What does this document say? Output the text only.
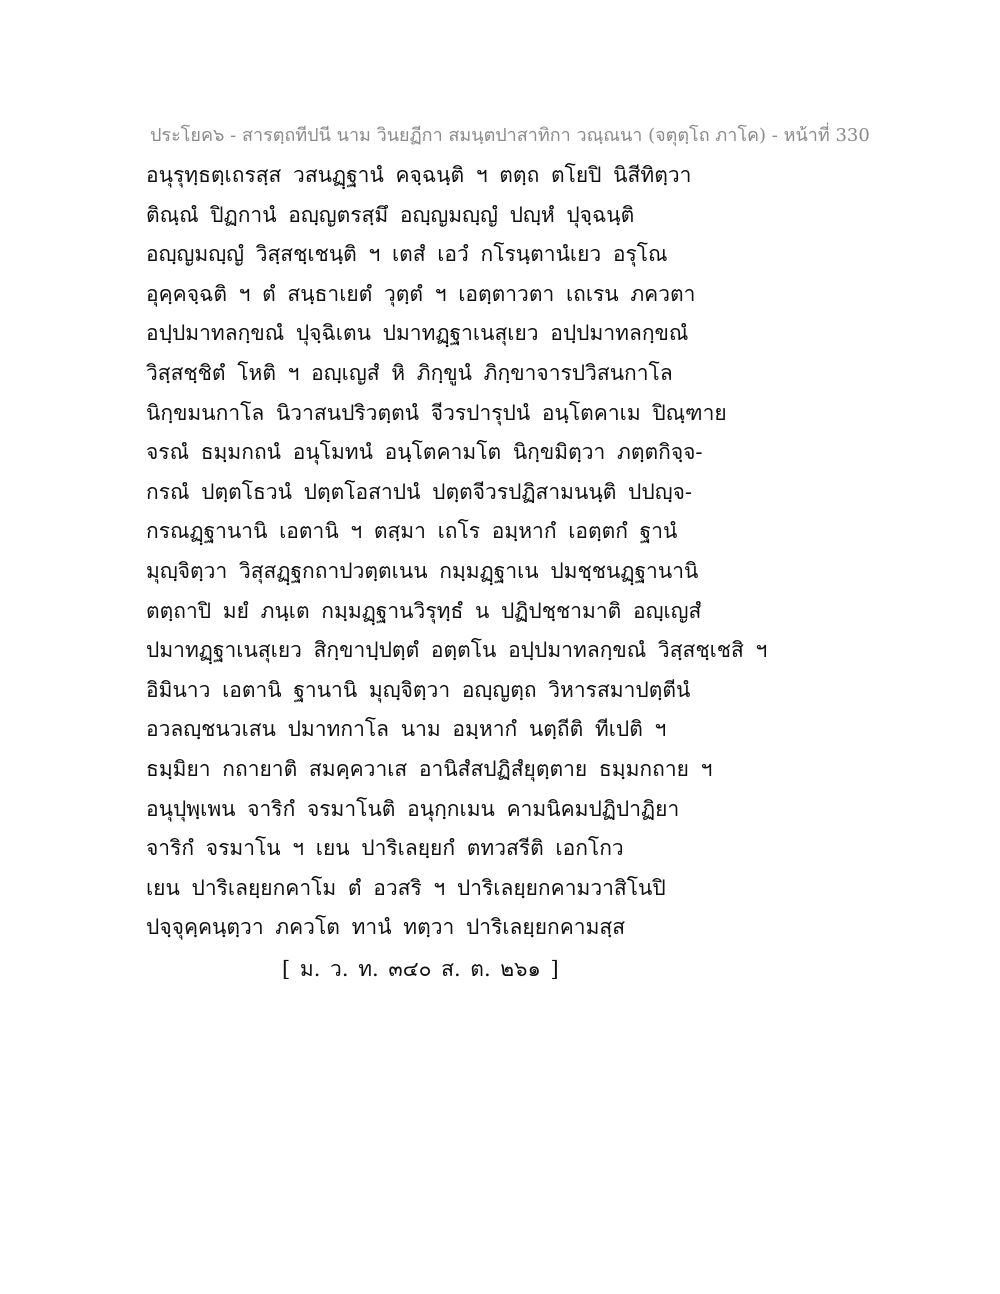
ประโยค๖ - สารตฺถทีปนี นาม วินยฏีกา สมนฺตปาสาทิกา วณฺณนา (จตุตฺโถ ภาโค) - หน้าที่ 330
อนุรุทฺธตฺเถรสฺส วสนฏฺฐานํ คจฺฉนฺติ ฯ ตตฺถ ตโยปิ นิสีทิตฺวา
ติณฺณํ ปิฏกานํ อญฺญตรสฺมึ อญฺญมญฺญํ ปญฺหํ ปุจฺฉนฺติ
อญฺญมญฺญํ วิสฺสชฺเชนฺติ ฯ เตสํ เอวํ กโรนฺตานํเยว อรุโณ
อุคฺคจฺฉติ ฯ ตํ สนฺธาเยตํ วุตฺตํ ฯ เอตฺตาวตา เถเรน ภควตา
อปฺปมาทลกฺขณํ ปุจฺฉิเตน ปมาทฏฺฐาเนสุเยว อปฺปมาทลกฺขณํ
วิสฺสชฺชิตํ โหติ ฯ อญฺเญสํ หิ ภิกฺขูนํ ภิกฺขาจารปวิสนกาโล
นิกฺขมนกาโล นิวาสนปริวตฺตนํ จีวรปารุปนํ อนฺโตคาเม ปิณฺฑาย
จรณํ ธมฺมกถนํ อนุโมทนํ อนฺโตคามโต นิกฺขมิตฺวา ภตฺตกิจฺจ-
กรณํ ปตฺตโธวนํ ปตฺตโอสาปนํ ปตฺตจีวรปฏิสามนนฺติ ปปญฺจ-
กรณฏฺฐานานิ เอตานิ ฯ ตสฺมา เถโร อมฺหากํ เอตฺตกํ ฐานํ
มุญฺจิตฺวา วิสุสฏฺฐกถาปวตฺตเนน กมฺมฏฺฐาเน ปมชฺชนฏฺฐานานิ
ตตฺถาปิ มยํ ภนฺเต กมฺมฏฺฐานวิรุทฺธํ น ปฏิปชฺชามาติ อญฺเญสํ
ปมาทฏฺฐาเนสุเยว สิกฺขาปฺปตฺตํ อตฺตโน อปฺปมาทลกฺขณํ วิสฺสชฺเชสิ ฯ
อิมินาว เอตานิ ฐานานิ มุญฺจิตฺวา อญฺญตฺถ วิหารสมาปตฺตีนํ
อวลญฺชนวเสน ปมาทกาโล นาม อมฺหากํ นตฺถีติ ทีเปติ ฯ
ธมฺมิยา กถายาติ สมคฺควาเส อานิสํสปฏิสํยุตฺตาย ธมฺมกถาย ฯ
อนุปุพฺเพน จาริกํ จรมาโนติ อนุกฺกเมน คามนิคมปฏิปาฏิยา
จาริกํ จรมาโน ฯ เยน ปาริเลยฺยกํ ตทวสรีติ เอกโกว
เยน ปาริเลยฺยกคาโม ตํ อวสริ ฯ ปาริเลยฺยกคามวาสิโนปิ
ปจฺจุคฺคนฺตฺวา ภควโต ทานํ ทตฺวา ปาริเลยฺยกคามสฺส
[ ม. ว. ท. ๓๔๐ ส. ต. ๒๖๑ ]
